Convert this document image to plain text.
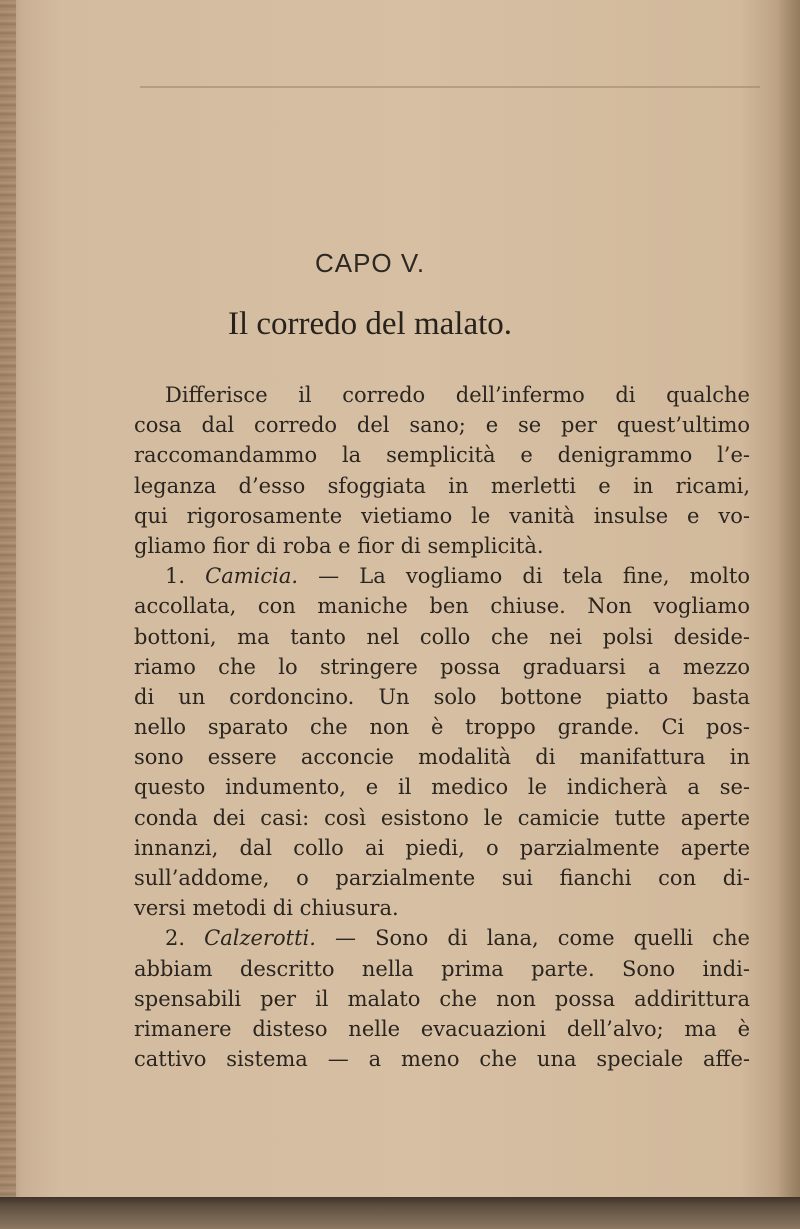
CAPO V.
Il corredo del malato.
Differisce il corredo dell’infermo di qualche
cosa dal corredo del sano; e se per quest’ultimo
raccomandammo la semplicità e denigrammo l’e-
leganza d’esso sfoggiata in merletti e in ricami,
qui rigorosamente vietiamo le vanità insulse e vo-
gliamo fior di roba e fior di semplicità.
1. Camicia. — La vogliamo di tela fine, molto
accollata, con maniche ben chiuse. Non vogliamo
bottoni, ma tanto nel collo che nei polsi deside-
riamo che lo stringere possa graduarsi a mezzo
di un cordoncino. Un solo bottone piatto basta
nello sparato che non è troppo grande. Ci pos-
sono essere acconcie modalità di manifattura in
questo indumento, e il medico le indicherà a se-
conda dei casi: così esistono le camicie tutte aperte
innanzi, dal collo ai piedi, o parzialmente aperte
sull’addome, o parzialmente sui fianchi con di-
versi metodi di chiusura.
2. Calzerotti. — Sono di lana, come quelli che
abbiam descritto nella prima parte. Sono indi-
spensabili per il malato che non possa addirittura
rimanere disteso nelle evacuazioni dell’alvo; ma è
cattivo sistema — a meno che una speciale affe-
